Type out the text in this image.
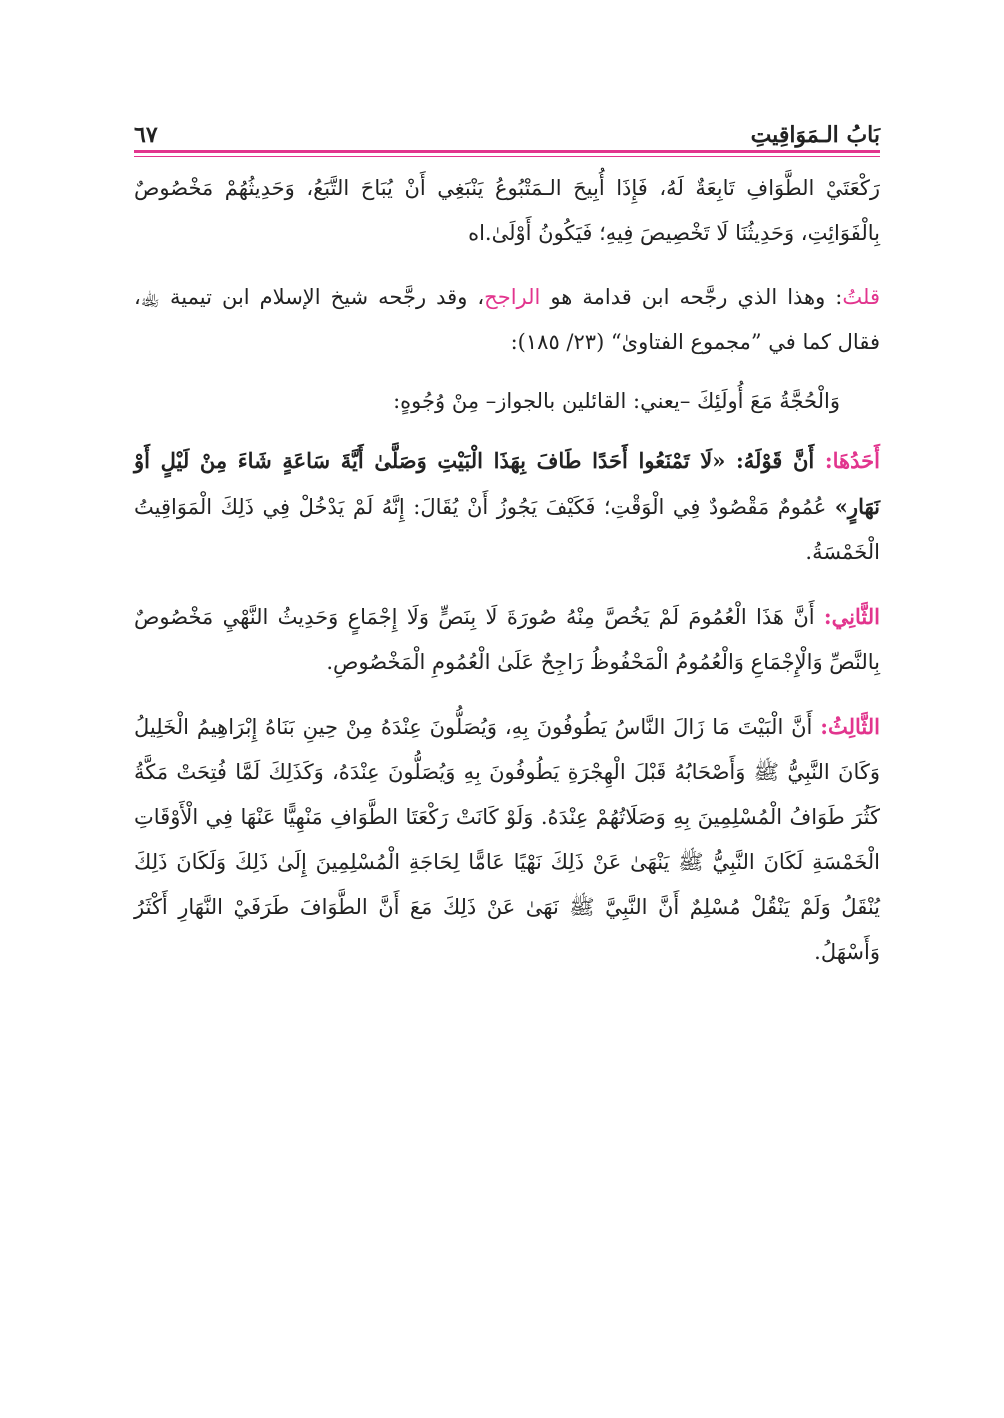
بَابُ الـمَوَاقِيتِ
٦٧

رَكْعَتَيْ الطَّوَافِ تَابِعَةٌ لَهُ، فَإِذَا أُبِيحَ الـمَتْبُوعُ يَنْبَغِي أَنْ يُبَاحَ التَّبَعُ، وَحَدِيثُهُمْ مَخْصُوصٌ بِالْفَوَائِتِ، وَحَدِيثُنَا لَا تَخْصِيصَ فِيهِ؛ فَيَكُونُ أَوْلَىٰ.اه

قلتُ: وهذا الذي رجَّحه ابن قدامة هو الراجح، وقد رجَّحه شيخ الإسلام ابن تيمية ﵀، فقال كما في ”مجموع الفتاوىٰ“ (٢٣/ ١٨٥):

وَالْحُجَّةُ مَعَ أُولَئِكَ –يعني: القائلين بالجواز– مِنْ وُجُوهٍ:

أَحَدُهَا: أَنَّ قَوْلَهُ: «لَا تَمْنَعُوا أَحَدًا طَافَ بِهَذَا الْبَيْتِ وَصَلَّىٰ أَيَّةَ سَاعَةٍ شَاءَ مِنْ لَيْلٍ أَوْ نَهَارٍ» عُمُومٌ مَقْصُودٌ فِي الْوَقْتِ؛ فَكَيْفَ يَجُوزُ أَنْ يُقَالَ: إِنَّهُ لَمْ يَدْخُلْ فِي ذَلِكَ الْمَوَاقِيتُ الْخَمْسَةُ.

الثَّانِي: أَنَّ هَذَا الْعُمُومَ لَمْ يَخُصَّ مِنْهُ صُورَةَ لَا بِنَصٍّ وَلَا إِجْمَاعٍ وَحَدِيثُ النَّهْيِ مَخْصُوصٌ بِالنَّصِّ وَالْإِجْمَاعِ وَالْعُمُومُ الْمَحْفُوظُ رَاجِحٌ عَلَىٰ الْعُمُومِ الْمَخْصُوصِ.

الثَّالِثُ: أَنَّ الْبَيْتَ مَا زَالَ النَّاسُ يَطُوفُونَ بِهِ، وَيُصَلُّونَ عِنْدَهُ مِنْ حِينِ بَنَاهُ إِبْرَاهِيمُ الْخَلِيلُ وَكَانَ النَّبِيُّ ﷺ وَأَصْحَابُهُ قَبْلَ الْهِجْرَةِ يَطُوفُونَ بِهِ وَيُصَلُّونَ عِنْدَهُ، وَكَذَلِكَ لَمَّا فُتِحَتْ مَكَّةُ كَثُرَ طَوَافُ الْمُسْلِمِينَ بِهِ وَصَلَاتُهُمْ عِنْدَهُ. وَلَوْ كَانَتْ رَكْعَتَا الطَّوَافِ مَنْهِيًّا عَنْهَا فِي الْأَوْقَاتِ الْخَمْسَةِ لَكَانَ النَّبِيُّ ﷺ يَنْهَىٰ عَنْ ذَلِكَ نَهْيًا عَامًّا لِحَاجَةِ الْمُسْلِمِينَ إِلَىٰ ذَلِكَ وَلَكَانَ ذَلِكَ يُنْقَلُ وَلَمْ يَنْقُلْ مُسْلِمٌ أَنَّ النَّبِيَّ ﷺ نَهَىٰ عَنْ ذَلِكَ مَعَ أَنَّ الطَّوَافَ طَرَفَيْ النَّهَارِ أَكْثَرُ وَأَسْهَلُ.
